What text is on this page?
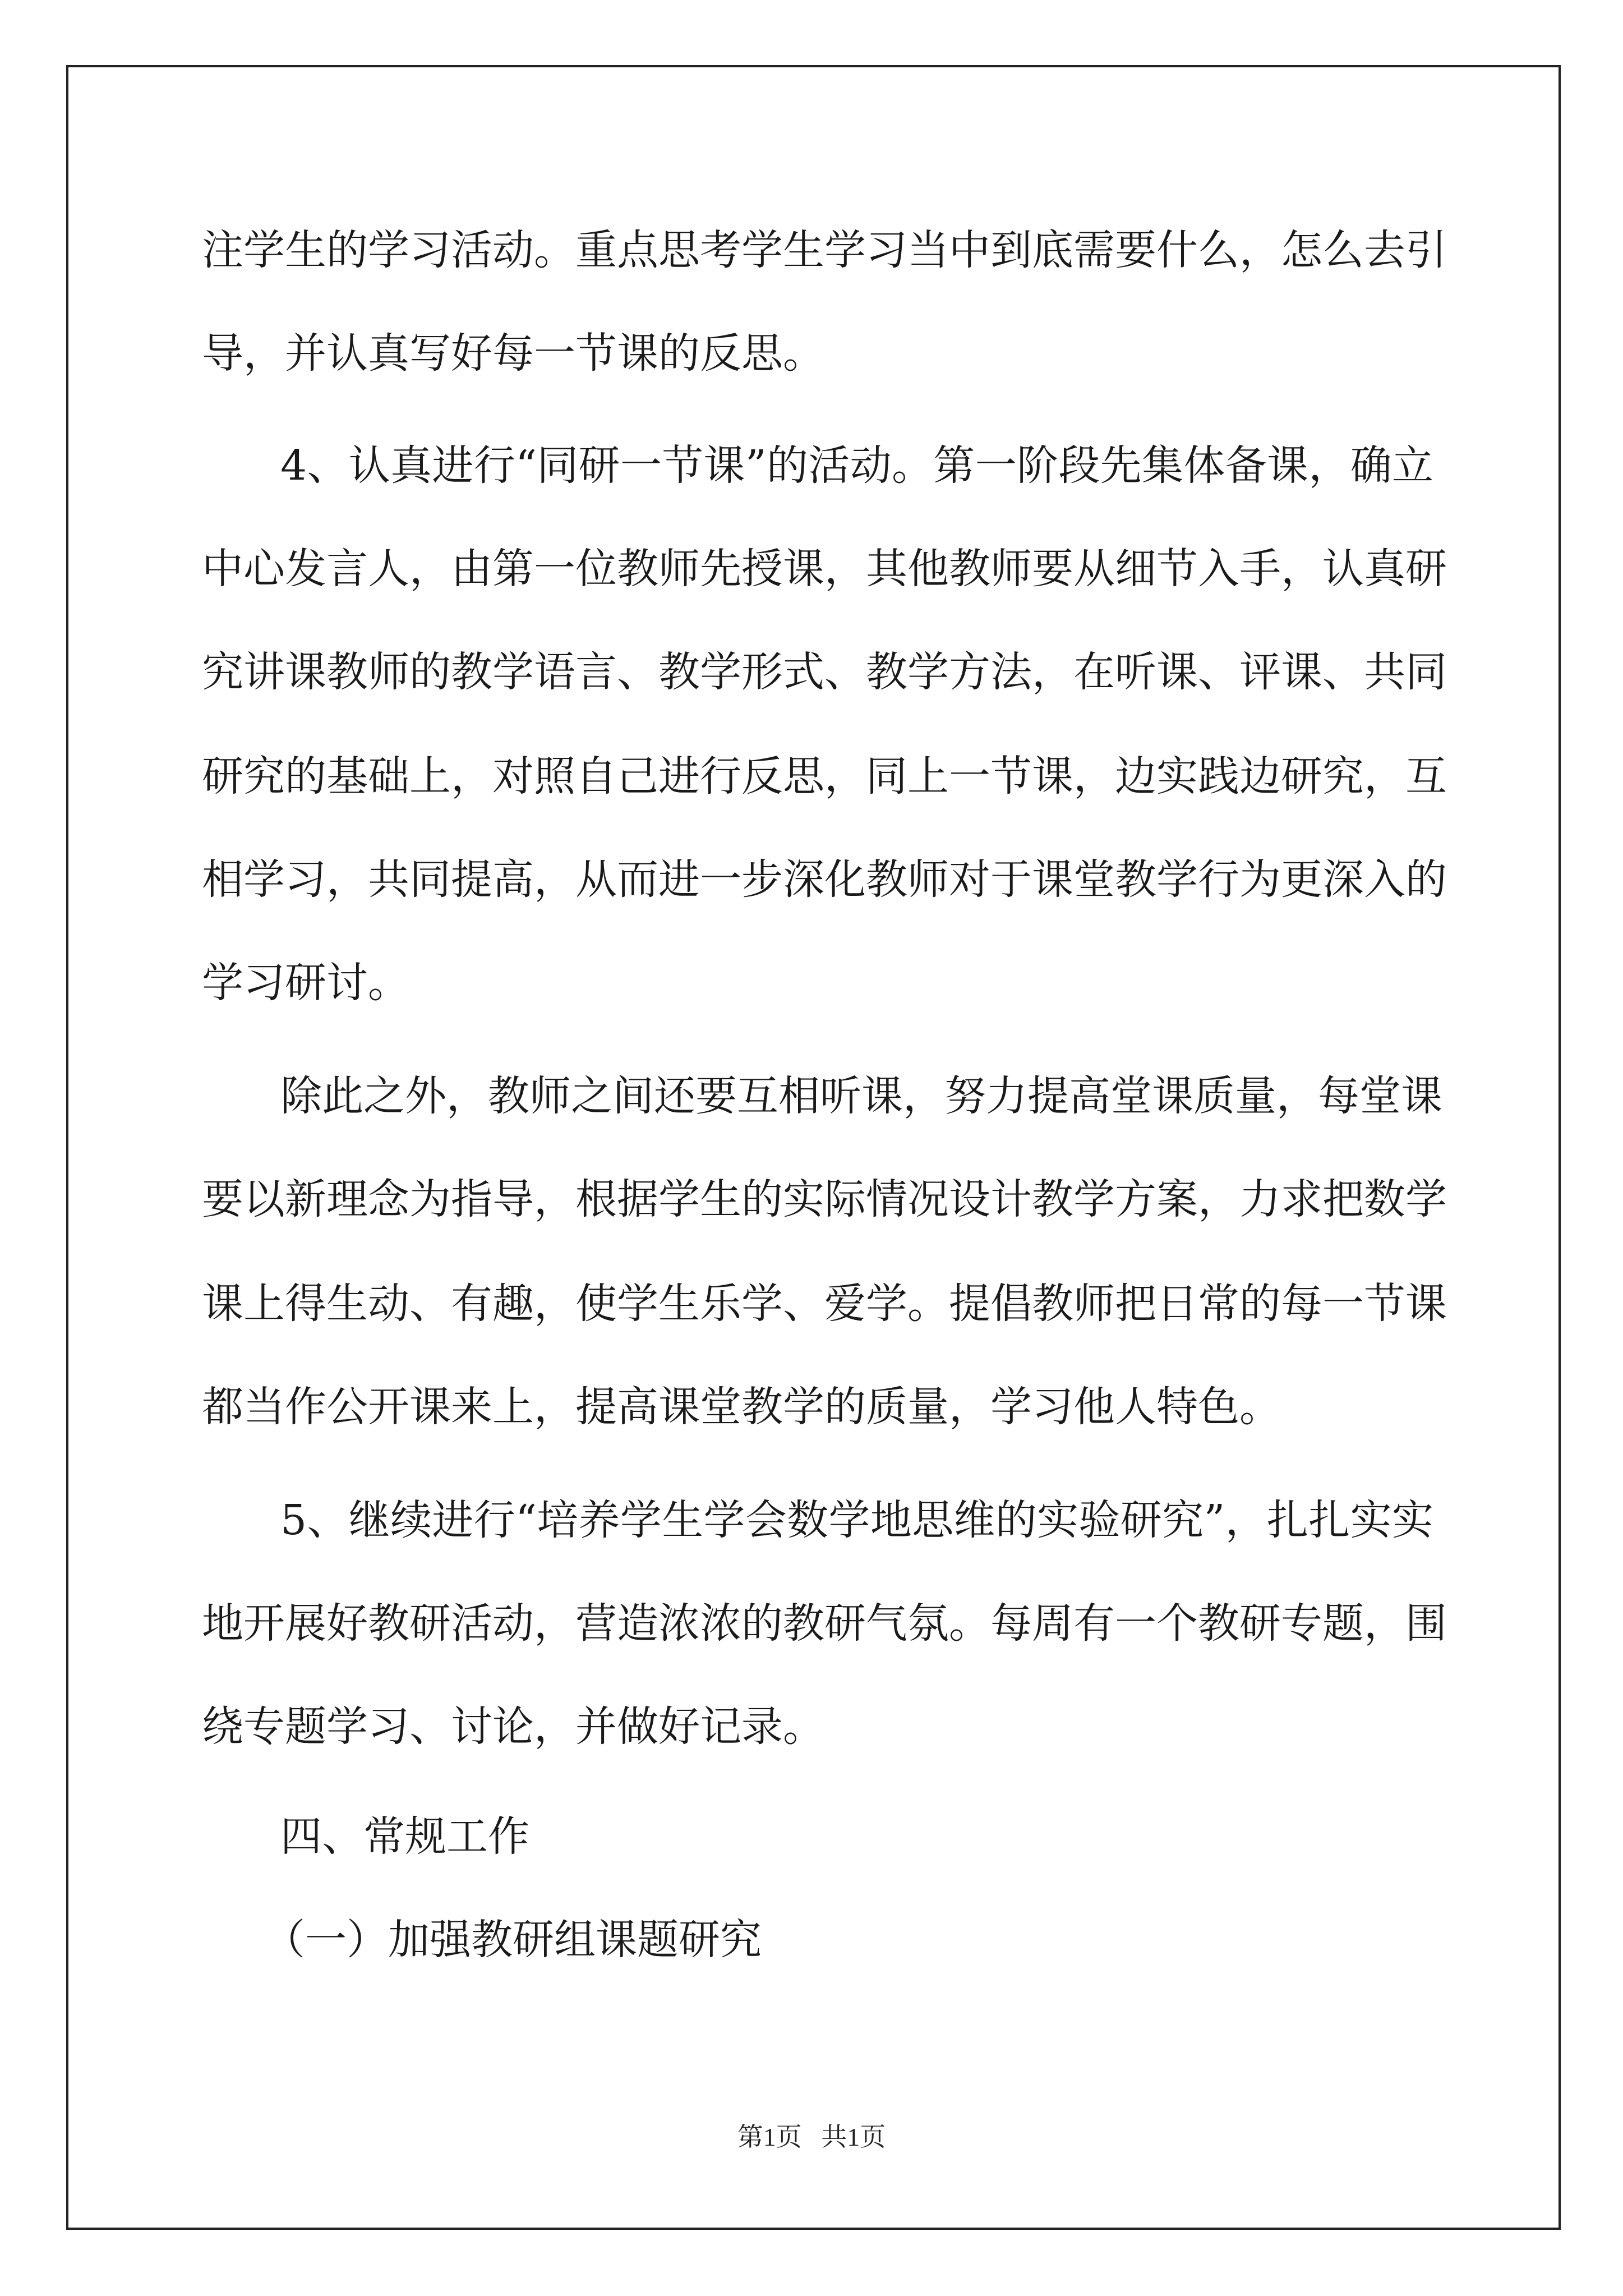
注学生的学习活动。重点思考学生学习当中到底需要什么，怎么去引

导，并认真写好每一节课的反思。

4、认真进行“同研一节课”的活动。第一阶段先集体备课，确立

中心发言人，由第一位教师先授课，其他教师要从细节入手，认真研

究讲课教师的教学语言、教学形式、教学方法，在听课、评课、共同

研究的基础上，对照自己进行反思，同上一节课，边实践边研究，互

相学习，共同提高，从而进一步深化教师对于课堂教学行为更深入的

学习研讨。

除此之外，教师之间还要互相听课，努力提高堂课质量，每堂课

要以新理念为指导，根据学生的实际情况设计教学方案，力求把数学

课上得生动、有趣，使学生乐学、爱学。提倡教师把日常的每一节课

都当作公开课来上，提高课堂教学的质量，学习他人特色。

5、继续进行“培养学生学会数学地思维的实验研究”，扎扎实实

地开展好教研活动，营造浓浓的教研气氛。每周有一个教研专题，围

绕专题学习、讨论，并做好记录。

四、常规工作

（一）加强教研组课题研究

第1页   共1页
